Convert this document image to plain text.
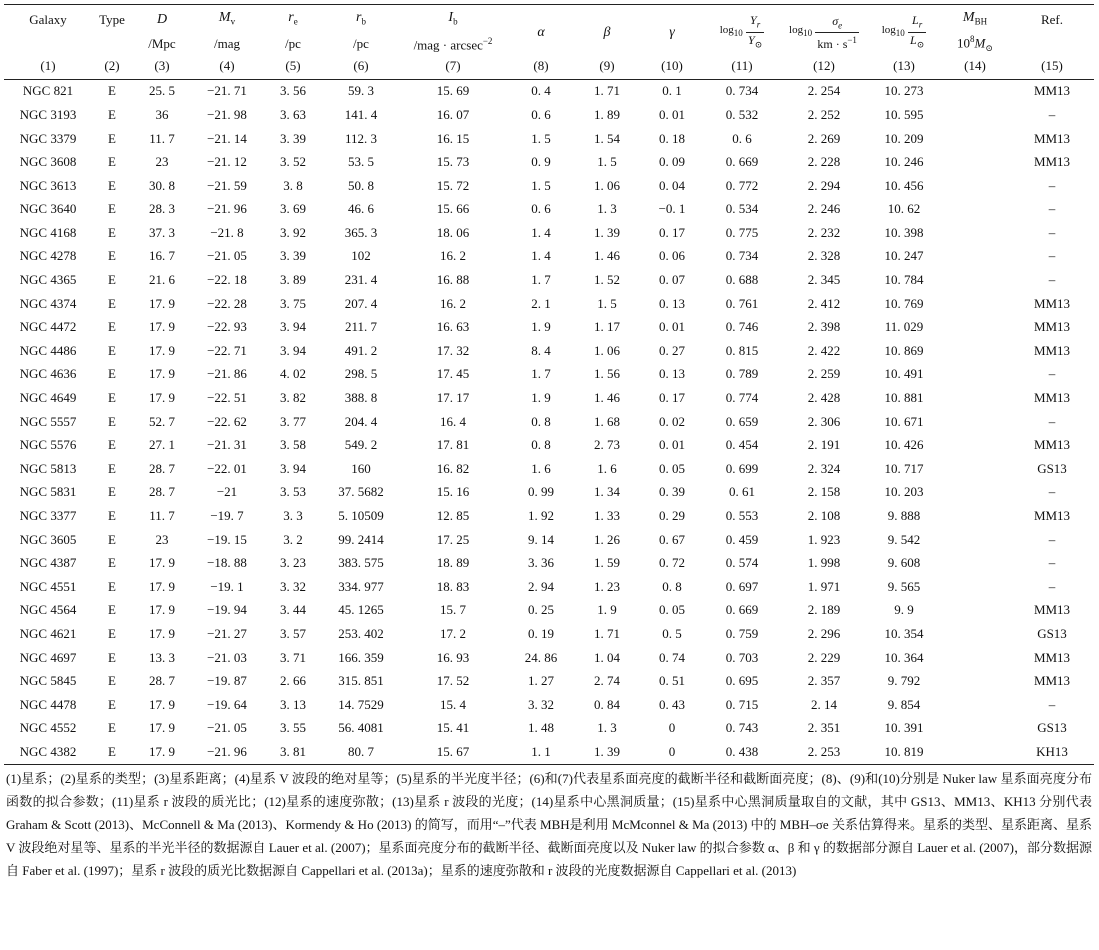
Galaxy	Type	D	$M_v$	$r_e$	$r_b$	$I_b$	α	β	γ	$\log_{10} \frac{Y_r}{Y_⊙}$	$\log_{10} \frac{\sigma_e}{km \cdot s^{-1}}$	$\log_{10} \frac{L_r}{L_⊙}$	$M_{BH}$	Ref.
		/Mpc	/mag	/pc	/pc	/mag · arcsec$^{-2}$							$10^8M_⊙$	
(1)	(2)	(3)	(4)	(5)	(6)	(7)	(8)	(9)	(10)	(11)	(12)	(13)	(14)	(15)
NGC 821	E	25. 5	−21. 71	3. 56	59. 3	15. 69	0. 4	1. 71	0. 1	0. 734	2. 254	10. 273		MM13
NGC 3193	E	36	−21. 98	3. 63	141. 4	16. 07	0. 6	1. 89	0. 01	0. 532	2. 252	10. 595		–
NGC 3379	E	11. 7	−21. 14	3. 39	112. 3	16. 15	1. 5	1. 54	0. 18	0. 6	2. 269	10. 209		MM13
NGC 3608	E	23	−21. 12	3. 52	53. 5	15. 73	0. 9	1. 5	0. 09	0. 669	2. 228	10. 246		MM13
NGC 3613	E	30. 8	−21. 59	3. 8	50. 8	15. 72	1. 5	1. 06	0. 04	0. 772	2. 294	10. 456		–
NGC 3640	E	28. 3	−21. 96	3. 69	46. 6	15. 66	0. 6	1. 3	−0. 1	0. 534	2. 246	10. 62		–
NGC 4168	E	37. 3	−21. 8	3. 92	365. 3	18. 06	1. 4	1. 39	0. 17	0. 775	2. 232	10. 398		–
NGC 4278	E	16. 7	−21. 05	3. 39	102	16. 2	1. 4	1. 46	0. 06	0. 734	2. 328	10. 247		–
NGC 4365	E	21. 6	−22. 18	3. 89	231. 4	16. 88	1. 7	1. 52	0. 07	0. 688	2. 345	10. 784		–
NGC 4374	E	17. 9	−22. 28	3. 75	207. 4	16. 2	2. 1	1. 5	0. 13	0. 761	2. 412	10. 769		MM13
NGC 4472	E	17. 9	−22. 93	3. 94	211. 7	16. 63	1. 9	1. 17	0. 01	0. 746	2. 398	11. 029		MM13
NGC 4486	E	17. 9	−22. 71	3. 94	491. 2	17. 32	8. 4	1. 06	0. 27	0. 815	2. 422	10. 869		MM13
NGC 4636	E	17. 9	−21. 86	4. 02	298. 5	17. 45	1. 7	1. 56	0. 13	0. 789	2. 259	10. 491		–
NGC 4649	E	17. 9	−22. 51	3. 82	388. 8	17. 17	1. 9	1. 46	0. 17	0. 774	2. 428	10. 881		MM13
NGC 5557	E	52. 7	−22. 62	3. 77	204. 4	16. 4	0. 8	1. 68	0. 02	0. 659	2. 306	10. 671		–
NGC 5576	E	27. 1	−21. 31	3. 58	549. 2	17. 81	0. 8	2. 73	0. 01	0. 454	2. 191	10. 426		MM13
NGC 5813	E	28. 7	−22. 01	3. 94	160	16. 82	1. 6	1. 6	0. 05	0. 699	2. 324	10. 717		GS13
NGC 5831	E	28. 7	−21	3. 53	37. 5682	15. 16	0. 99	1. 34	0. 39	0. 61	2. 158	10. 203		–
NGC 3377	E	11. 7	−19. 7	3. 3	5. 10509	12. 85	1. 92	1. 33	0. 29	0. 553	2. 108	9. 888		MM13
NGC 3605	E	23	−19. 15	3. 2	99. 2414	17. 25	9. 14	1. 26	0. 67	0. 459	1. 923	9. 542		–
NGC 4387	E	17. 9	−18. 88	3. 23	383. 575	18. 89	3. 36	1. 59	0. 72	0. 574	1. 998	9. 608		–
NGC 4551	E	17. 9	−19. 1	3. 32	334. 977	18. 83	2. 94	1. 23	0. 8	0. 697	1. 971	9. 565		–
NGC 4564	E	17. 9	−19. 94	3. 44	45. 1265	15. 7	0. 25	1. 9	0. 05	0. 669	2. 189	9. 9		MM13
NGC 4621	E	17. 9	−21. 27	3. 57	253. 402	17. 2	0. 19	1. 71	0. 5	0. 759	2. 296	10. 354		GS13
NGC 4697	E	13. 3	−21. 03	3. 71	166. 359	16. 93	24. 86	1. 04	0. 74	0. 703	2. 229	10. 364		MM13
NGC 5845	E	28. 7	−19. 87	2. 66	315. 851	17. 52	1. 27	2. 74	0. 51	0. 695	2. 357	9. 792		MM13
NGC 4478	E	17. 9	−19. 64	3. 13	14. 7529	15. 4	3. 32	0. 84	0. 43	0. 715	2. 14	9. 854		–
NGC 4552	E	17. 9	−21. 05	3. 55	56. 4081	15. 41	1. 48	1. 3	0	0. 743	2. 351	10. 391		GS13
NGC 4382	E	17. 9	−21. 96	3. 81	80. 7	15. 67	1. 1	1. 39	0	0. 438	2. 253	10. 819		KH13
(1)星系；(2)星系的类型；(3)星系距离；(4)星系 V 波段的绝对星等；(5)星系的半光度半径；(6)和(7)代表星系面亮度的截断半径和截断面亮度；(8)、(9)和(10)分别是 Nuker law 星系面亮度分布函数的拟合参数；(11)星系 r 波段的质光比；(12)星系的速度弥散；(13)星系 r 波段的光度；(14)星系中心黑洞质量；(15)星系中心黑洞质量取自的文献，其中 GS13、MM13、KH13 分别代表 Graham & Scott (2013)、McConnell & Ma (2013)、Kormendy & Ho (2013) 的简写，而用“–”代表 MBH是利用 McMconnel & Ma (2013) 中的 MBH–σe 关系估算得来。星系的类型、星系距离、星系 V 波段绝对星等、星系的半光半径的数据源自 Lauer et al. (2007)；星系面亮度分布的截断半径、截断面亮度以及 Nuker law 的拟合参数 α、β 和 γ 的数据部分源自 Lauer et al. (2007)，部分数据源自 Faber et al. (1997)；星系 r 波段的质光比数据源自 Cappellari et al. (2013a)；星系的速度弥散和 r 波段的光度数据源自 Cappellari et al. (2013)
